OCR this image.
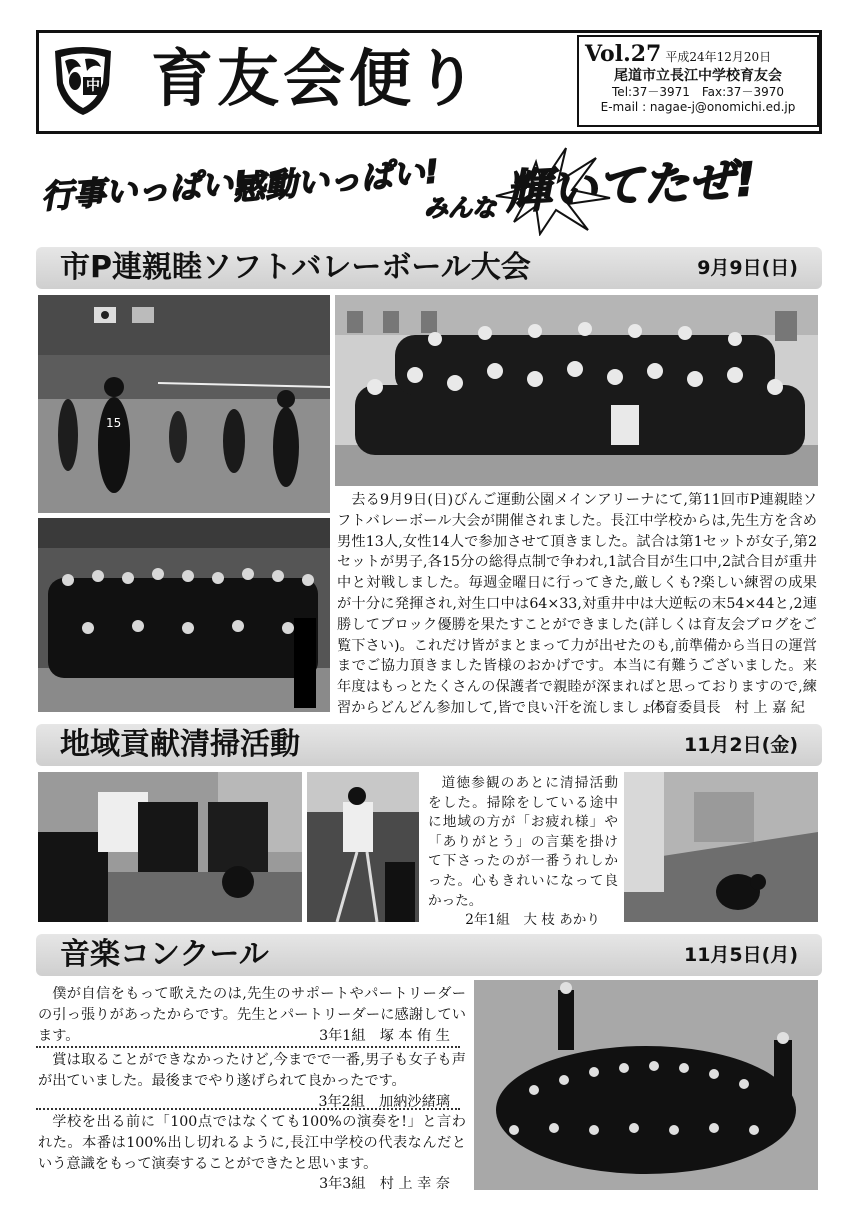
中 育友会便り	Vol.27 平成24年12月20日
尾道市立長江中学校育友会
Tel:37－3971　Fax:37－3970
E-mail : nagae-j@onomichi.ed.jp
行事いっぱい!
感動いっぱい!
みんな 輝いてたぜ!
市P連親睦ソフトバレーボール大会	9月9日(日)
15
去る9月9日(日)びんご運動公園メインアリーナにて,第11回市P連親睦ソフトバレーボール大会が開催されました。長江中学校からは,先生方を含め男性13人,女性14人で参加させて頂きました。試合は第1セットが女子,第2セットが男子,各15分の総得点制で争われ,1試合目が生口中,2試合目が重井中と対戦しました。毎週金曜日に行ってきた,厳しくも?楽しい練習の成果が十分に発揮され,対生口中は64×33,対重井中は大逆転の末54×44と,2連勝してブロック優勝を果たすことができました(詳しくは育友会ブログをご覧下さい)。これだけ皆がまとまって力が出せたのも,前準備から当日の運営までご協力頂きました皆様のおかげです。本当に有難うございました。来年度はもっとたくさんの保護者で親睦が深まればと思っておりますので,練習からどんどん参加して,皆で良い汗を流しましょう。
体育委員長　村 上 嘉 紀
地域貢献清掃活動	11月2日(金)
道徳参観のあとに清掃活動をした。掃除をしている途中に地域の方が「お疲れ様」や「ありがとう」の言葉を掛けて下さったのが一番うれしかった。心もきれいになって良かった。
2年1組　大 枝 あかり
音楽コンクール	11月5日(月)
僕が自信をもって歌えたのは,先生のサポートやパートリーダーの引っ張りがあったからです。先生とパートリーダーに感謝しています。	3年1組　塚 本 侑 生
賞は取ることができなかったけど,今までで一番,男子も女子も声が出ていました。最後までやり遂げられて良かったです。
3年2組　加納沙緒璃
学校を出る前に「100点ではなくても100%の演奏を!」と言われた。本番は100%出し切れるように,長江中学校の代表なんだという意識をもって演奏することができたと思います。
3年3組　村 上 幸 奈
